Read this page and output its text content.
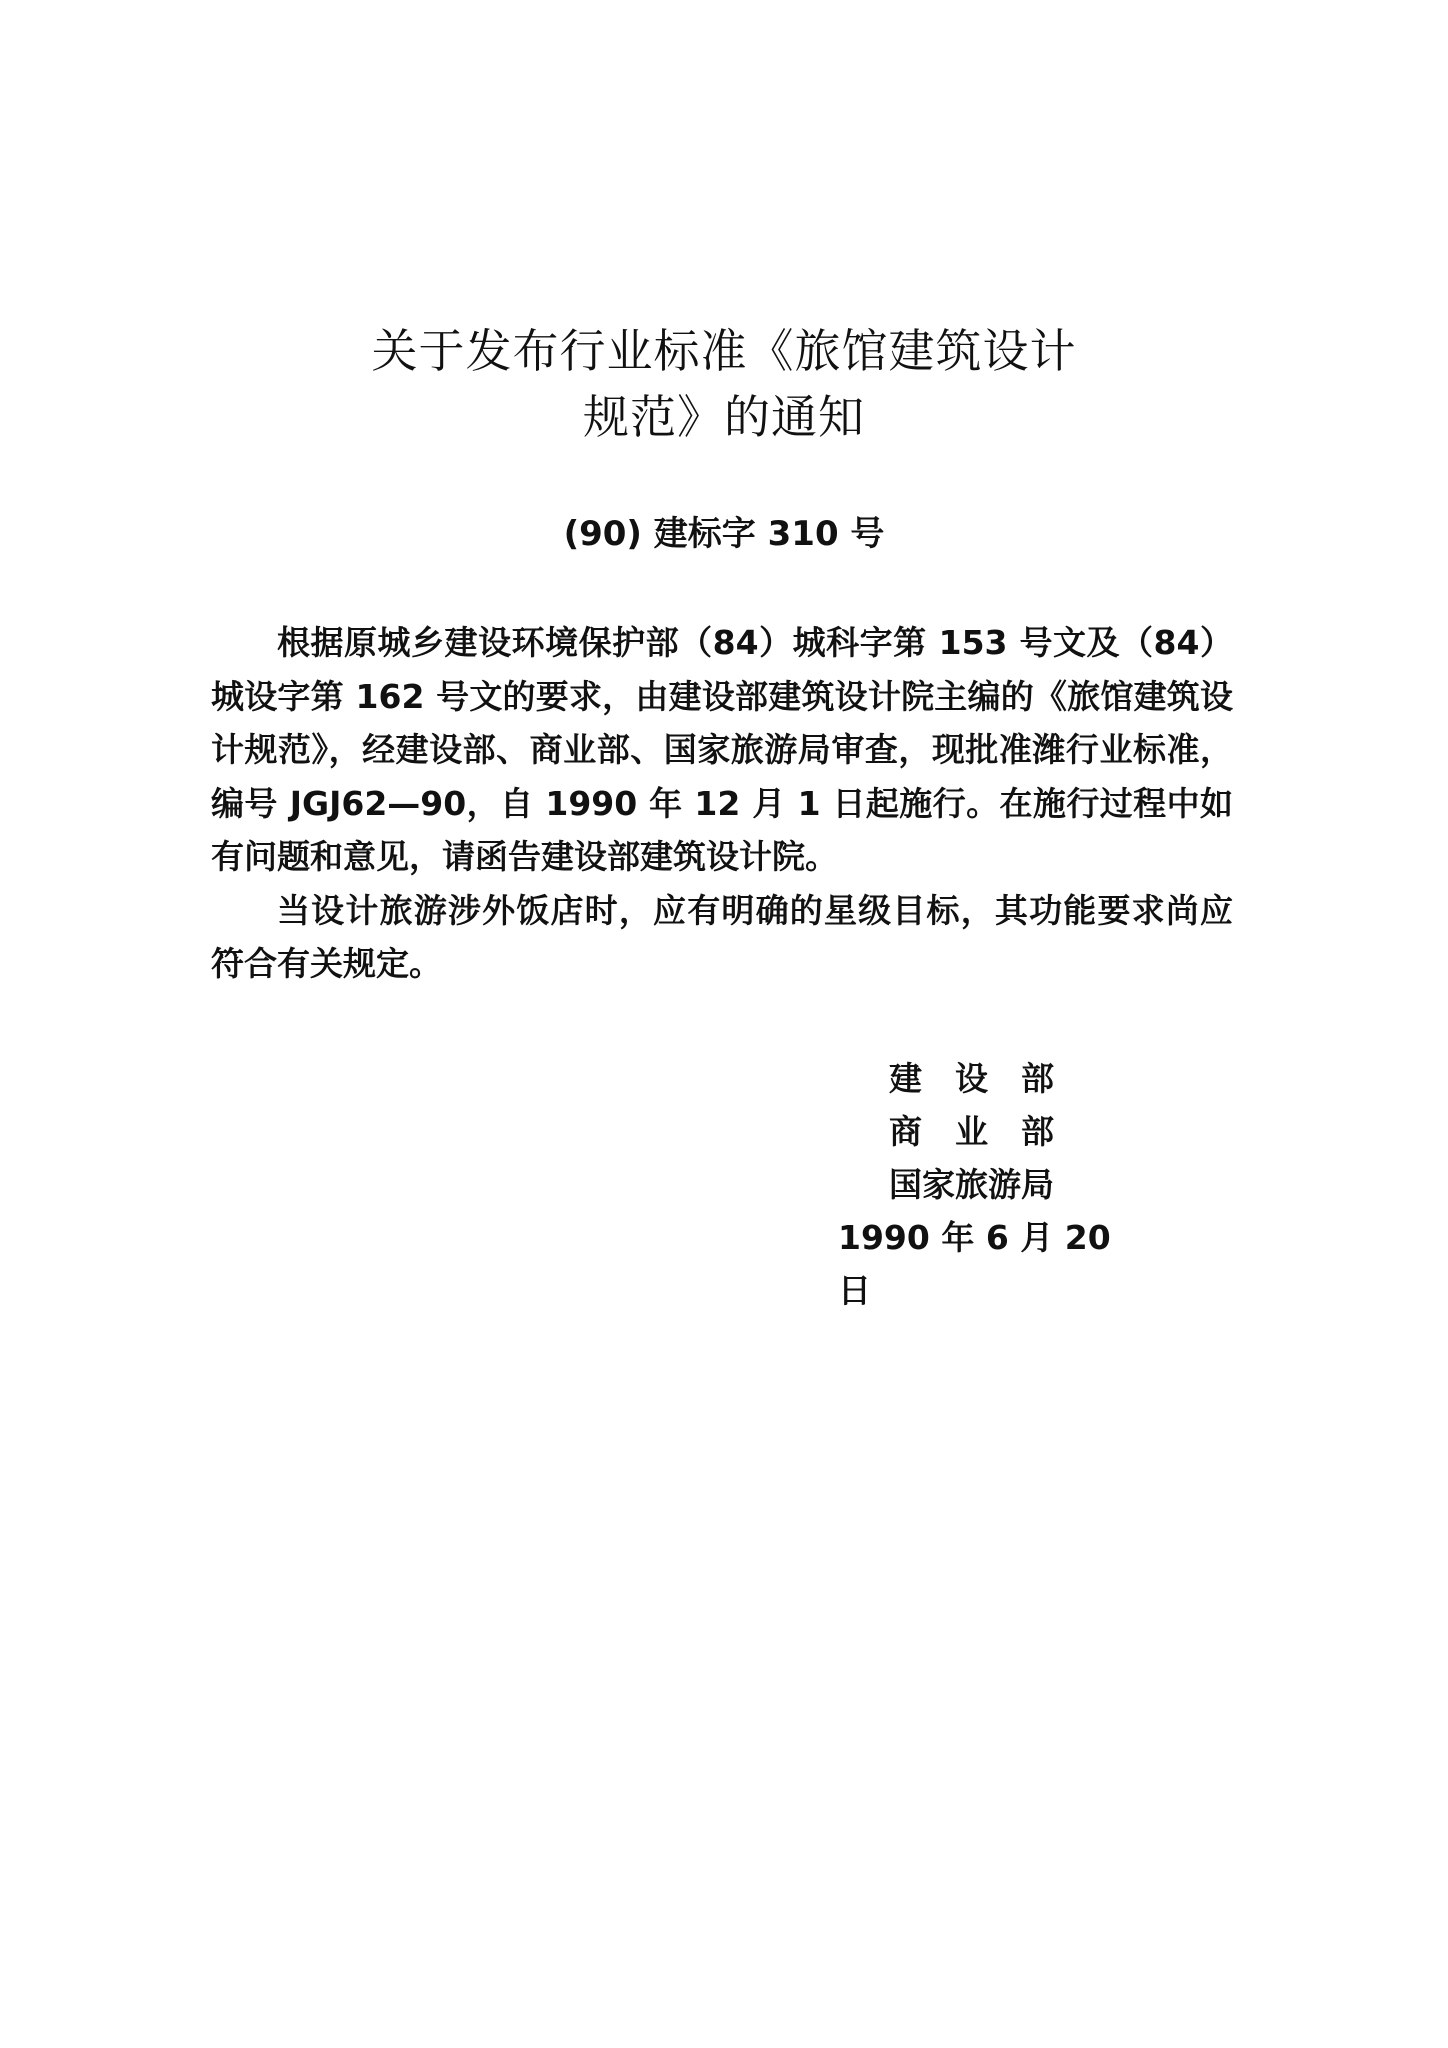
关于发布行业标准《旅馆建筑设计
规范》的通知
(90) 建标字 310 号

根据原城乡建设环境保护部（84）城科字第 153 号文及（84）城设字第 162 号文的要求，由建设部建筑设计院主编的《旅馆建筑设计规范》，经建设部、商业部、国家旅游局审查，现批准潍行业标准，编号 JGJ62—90，自 1990 年 12 月 1 日起施行。在施行过程中如有问题和意见，请函告建设部建筑设计院。

当设计旅游涉外饭店时，应有明确的星级目标，其功能要求尚应符合有关规定。

建　设　部
商　业　部
国家旅游局
1990 年 6 月 20 日
